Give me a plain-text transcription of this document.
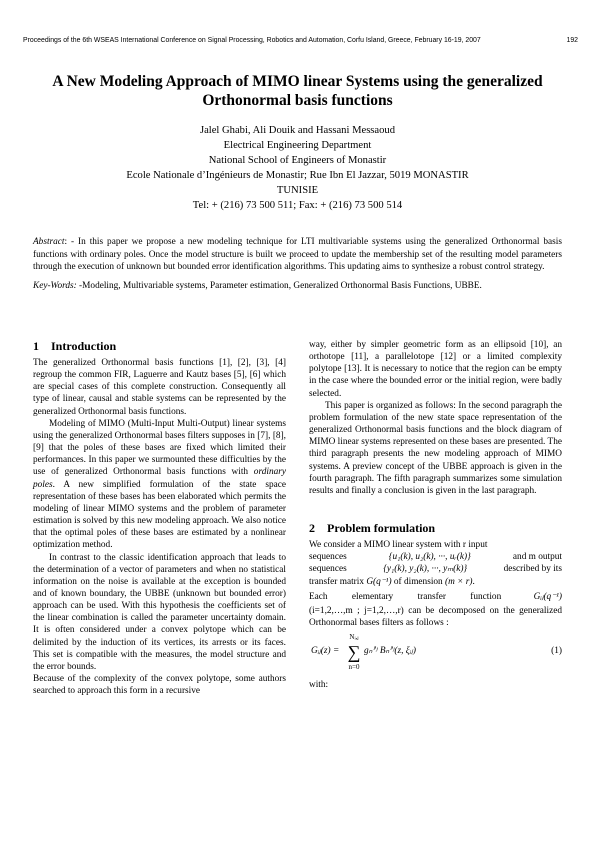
Proceedings of the 6th WSEAS International Conference on Signal Processing, Robotics and Automation, Corfu Island, Greece, February 16-19, 2007	192
A New Modeling Approach of MIMO linear Systems using the generalized
Orthonormal basis functions
Jalel Ghabi, Ali Douik and Hassani Messaoud
Electrical Engineering Department
National School of Engineers of Monastir
Ecole Nationale d’Ingénieurs de Monastir; Rue Ibn El Jazzar, 5019 MONASTIR
TUNISIE
Tel: + (216) 73 500 511; Fax: + (216) 73 500 514

Abstract: - In this paper we propose a new modeling technique for LTI multivariable systems using the generalized Orthonormal basis functions with ordinary poles. Once the model structure is built we proceed to update the membership set of the resulting model parameters through the execution of unknown but bounded error identification algorithms. This updating aims to synthesize a robust control strategy.

Key-Words: -Modeling, Multivariable systems, Parameter estimation, Generalized Orthonormal Basis Functions, UBBE.

1 Introduction

The generalized Orthonormal basis functions [1], [2], [3], [4] regroup the common FIR, Laguerre and Kautz bases [5], [6] which are special cases of this complete construction. Consequently all type of linear, causal and stable systems can be represented by the generalized Orthonormal basis functions.

Modeling of MIMO (Multi-Input Multi-Output) linear systems using the generalized Orthonormal bases filters supposes in [7], [8], [9] that the poles of these bases are fixed which limited their performances. In this paper we surmounted these difficulties by the use of generalized Orthonormal basis functions with ordinary poles. A new simplified formulation of the state space representation of these bases has been elaborated which permits the modeling of linear MIMO systems and the problem of parameter estimation is solved by this new modeling approach. We also notice that the optimal poles of these bases are estimated by a nonlinear optimization method.

In contrast to the classic identification approach that leads to the determination of a vector of parameters and when no statistical information on the noise is available at the exception is bounded and of known boundary, the UBBE (unknown but bounded error) approach can be used. With this hypothesis the coefficients set of the linear combination is called the parameter uncertainty domain. It is often considered under a convex polytope which can be delimited by the induction of its vertices, its arrests or its faces. This set is compatible with the measures, the model structure and the error bounds.

Because of the complexity of the convex polytope, some authors searched to approach this form in a recursive

way, either by simpler geometric form as an ellipsoid [10], an orthotope [11], a parallelotope [12] or a limited complexity polytope [13]. It is necessary to notice that the region can be empty in the case where the bounded error or the initial region, were badly selected.

This paper is organized as follows: In the second paragraph the problem formulation of the new state space representation of the generalized Orthonormal basis functions and the block diagram of MIMO linear systems represented on these bases are presented. The third paragraph presents the new modeling approach of MIMO systems. A preview concept of the UBBE approach is given in the fourth paragraph. The fifth paragraph summarizes some simulation results and finally a conclusion is given in the last paragraph.

2 Problem formulation

We consider a MIMO linear system with r input

sequences	{u₁(k), u₂(k), ···, uᵣ(k)}	and m output

sequences	{y₁(k), y₂(k), ···, yₘ(k)}	described by its

transfer matrix G(q⁻¹) of dimension (m × r).

Each elementary transfer function	Gᵢⱼ(q⁻¹)

(i=1,2,…,m ; j=1,2,…,r) can be decomposed on the generalized Orthonormal bases filters as follows :

Gᵢⱼ(z) =
Nᵢ,ⱼ
∑
n=0
gₙⁱ'ʲ Bₙⁱ'ʲ(z, ξᵢⱼ)	(1)

with:
